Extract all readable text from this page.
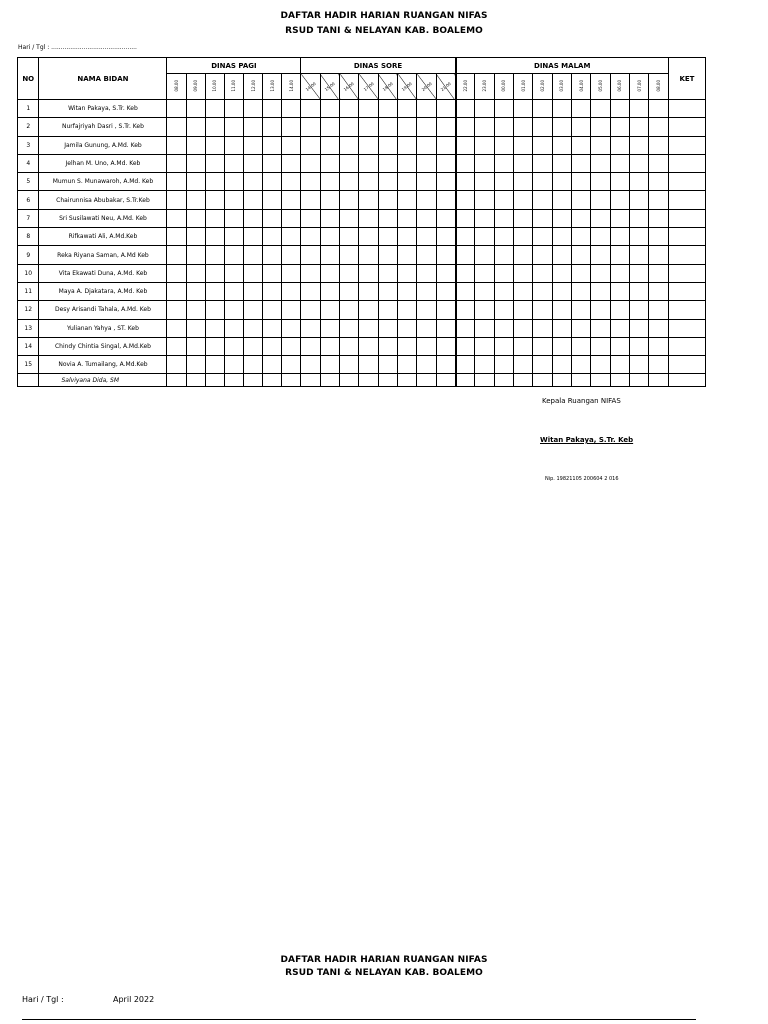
DAFTAR HADIR HARIAN RUANGAN NIFAS
RSUD TANI & NELAYAN KAB. BOALEMO
Hari / Tgl : .............................................
NO	NAMA BIDAN	DINAS PAGI							DINAS SORE								DINAS MALAM											KET
		08.00	09.00	10.00	11.00	12.00	13.00	14.00	14.00	15.00	16.00	17.00	18.00	19.00	20.00	21.00	22.00	23.00	00.00	01.00	02.00	03.00	04.00	05.00	06.00	07.00	08.00	
1	Witan Pakaya, S.Tr. Keb																											
2	Nurfajriyah Dasri , S.Tr. Keb																											
3	Jamila Gunung, A.Md. Keb																											
4	Jelhan M. Uno, A.Md. Keb																											
5	Mumun S. Munawaroh, A.Md. Keb																											
6	Chairunnisa Abubakar, S.Tr.Keb																											
7	Sri Susilawati Neu, A.Md. Keb																											
8	Rifkawati Ali, A.Md.Keb																											
9	Reka Riyana Saman, A.Md Keb																											
10	Vita Ekawati Duna, A.Md. Keb																											
11	Maya A. Djakatara, A.Md. Keb																											
12	Desy Arisandi Tahala, A.Md. Keb																											
13	Yulianan Yahya , ST. Keb																											
14	Chindy Chintia Singal, A.Md.Keb																											
15	Novia A. Tumailang, A.Md.Keb																											
	Salviyana Dida, SM																											
Kepala Ruangan NIFAS
Witan Pakaya, S.Tr. Keb
Nip. 19821105 200604 2 016
DAFTAR HADIR HARIAN RUANGAN NIFAS
RSUD TANI & NELAYAN KAB. BOALEMO
Hari / Tgl :	April 2022
